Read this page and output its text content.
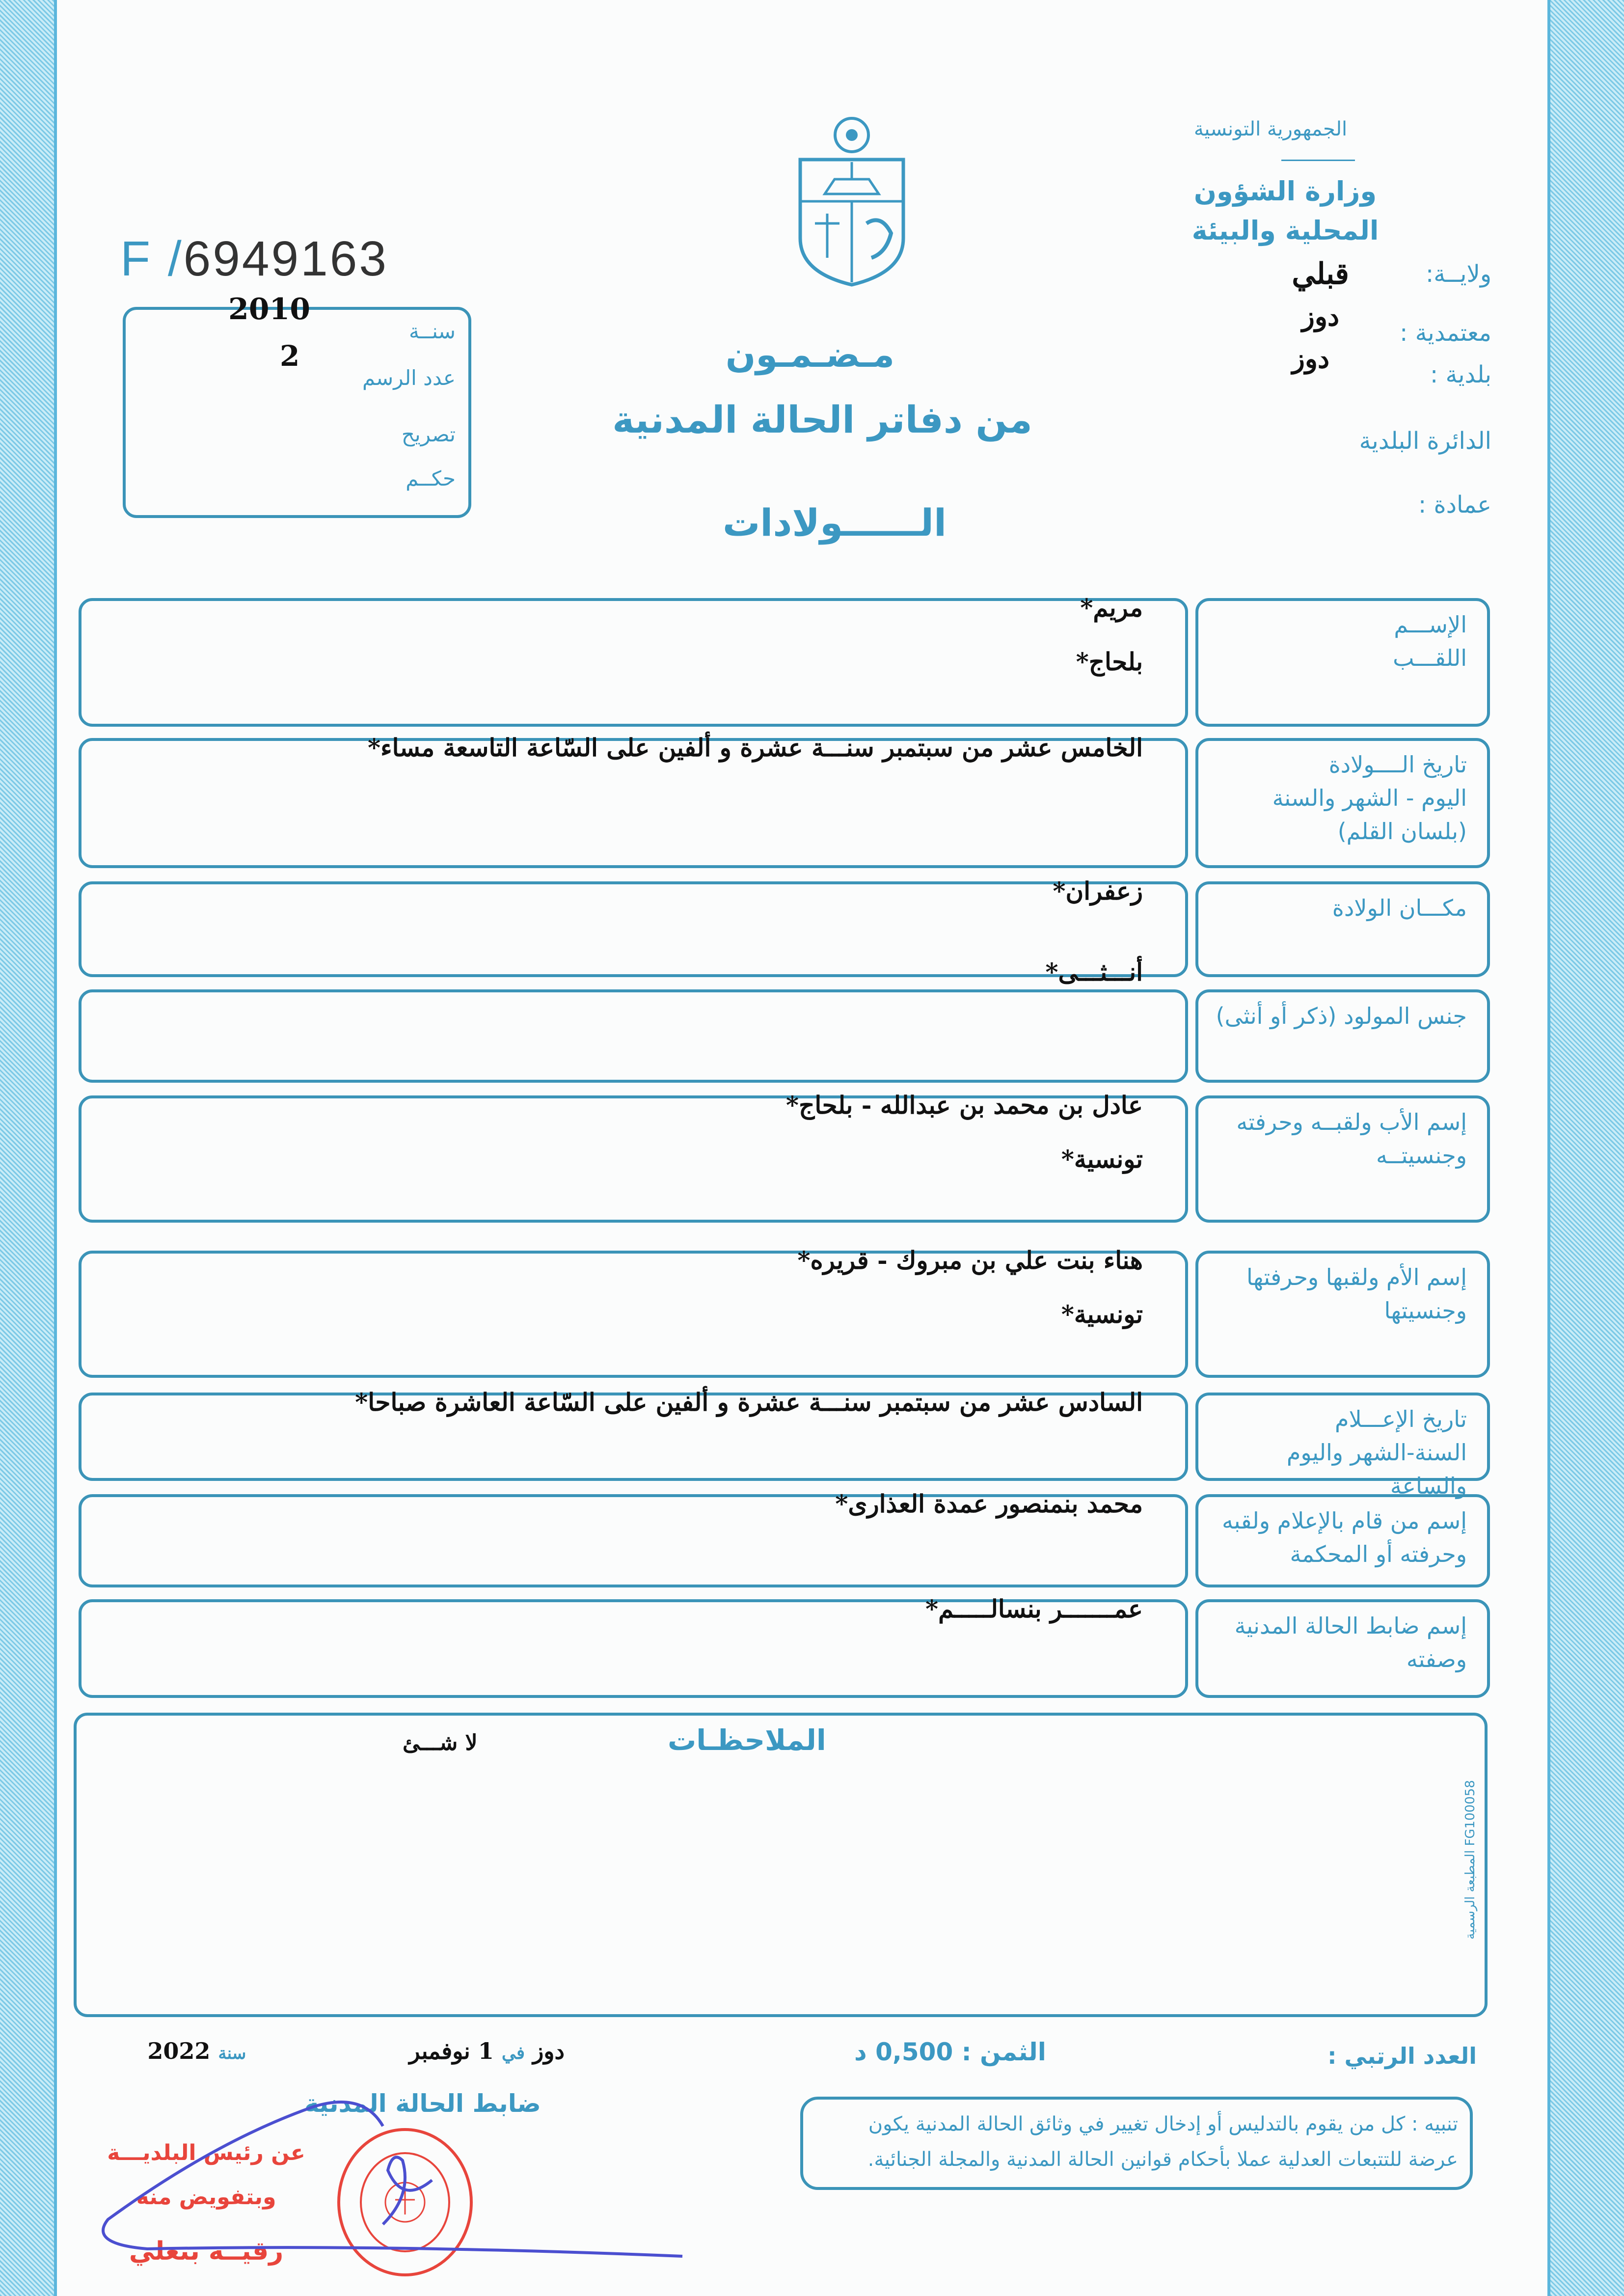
الجمهورية التونسية
وزارة الشؤون المحلية والبيئة
ولايــة:
قبلي
دوز
معتمدية :
دوز
بلدية :
الدائرة البلدية
عمادة :
F /6949163
2010
سنــة
2
عدد الرسم
تصريح
حكــم
مـضـمـون
من دفاتر الحالة المدنية
الــــــولادات
الإســـم
اللقـــب
مريم*
بلحاج*
تاريخ الــــولادة
اليوم - الشهر والسنة
(بلسان القلم)
الخامس عشر من سبتمبر سنـــة عشرة و ألفين على السّاعة التاسعة مساء*
مكـــان الولادة
زعفران*
جنس المولود (ذكر أو أنثى)
أنـــثـــى*
إسم الأب ولقبــه وحرفته
وجنسيتــه
عادل بن محمد بن عبدالله - بلحاج*
تونسية*
إسم الأم ولقبها وحرفتها
وجنسيتها
هناء بنت علي بن مبروك - قريره*
تونسية*
تاريخ الإعـــلام
السنة-الشهر واليوم والساعة
السادس عشر من سبتمبر سنـــة عشرة و ألفين على السّاعة العاشرة صباحا*
إسم من قام بالإعلام ولقبه
وحرفته أو المحكمة
محمد بنمنصور عمدة العذارى*
إسم ضابط الحالة المدنية
وصفته
عمـــــــر بنسالـــــم*
الملاحظـات
لا شـــئ
المطبعة الرسمية FG100058
العدد الرتبي :
الثمن : 0,500 د
دوز في 1 نوفمبر  سنة 2022
ضابط الحالة المدنية
تنبيه : كل من يقوم بالتدليس أو إدخال تغيير في وثائق الحالة المدنية يكون عرضة للتتبعات العدلية عملا بأحكام قوانين الحالة المدنية والمجلة الجنائية.
عن رئيس البلديـــة
وبتفويض منه
رقيــة بنعلي
